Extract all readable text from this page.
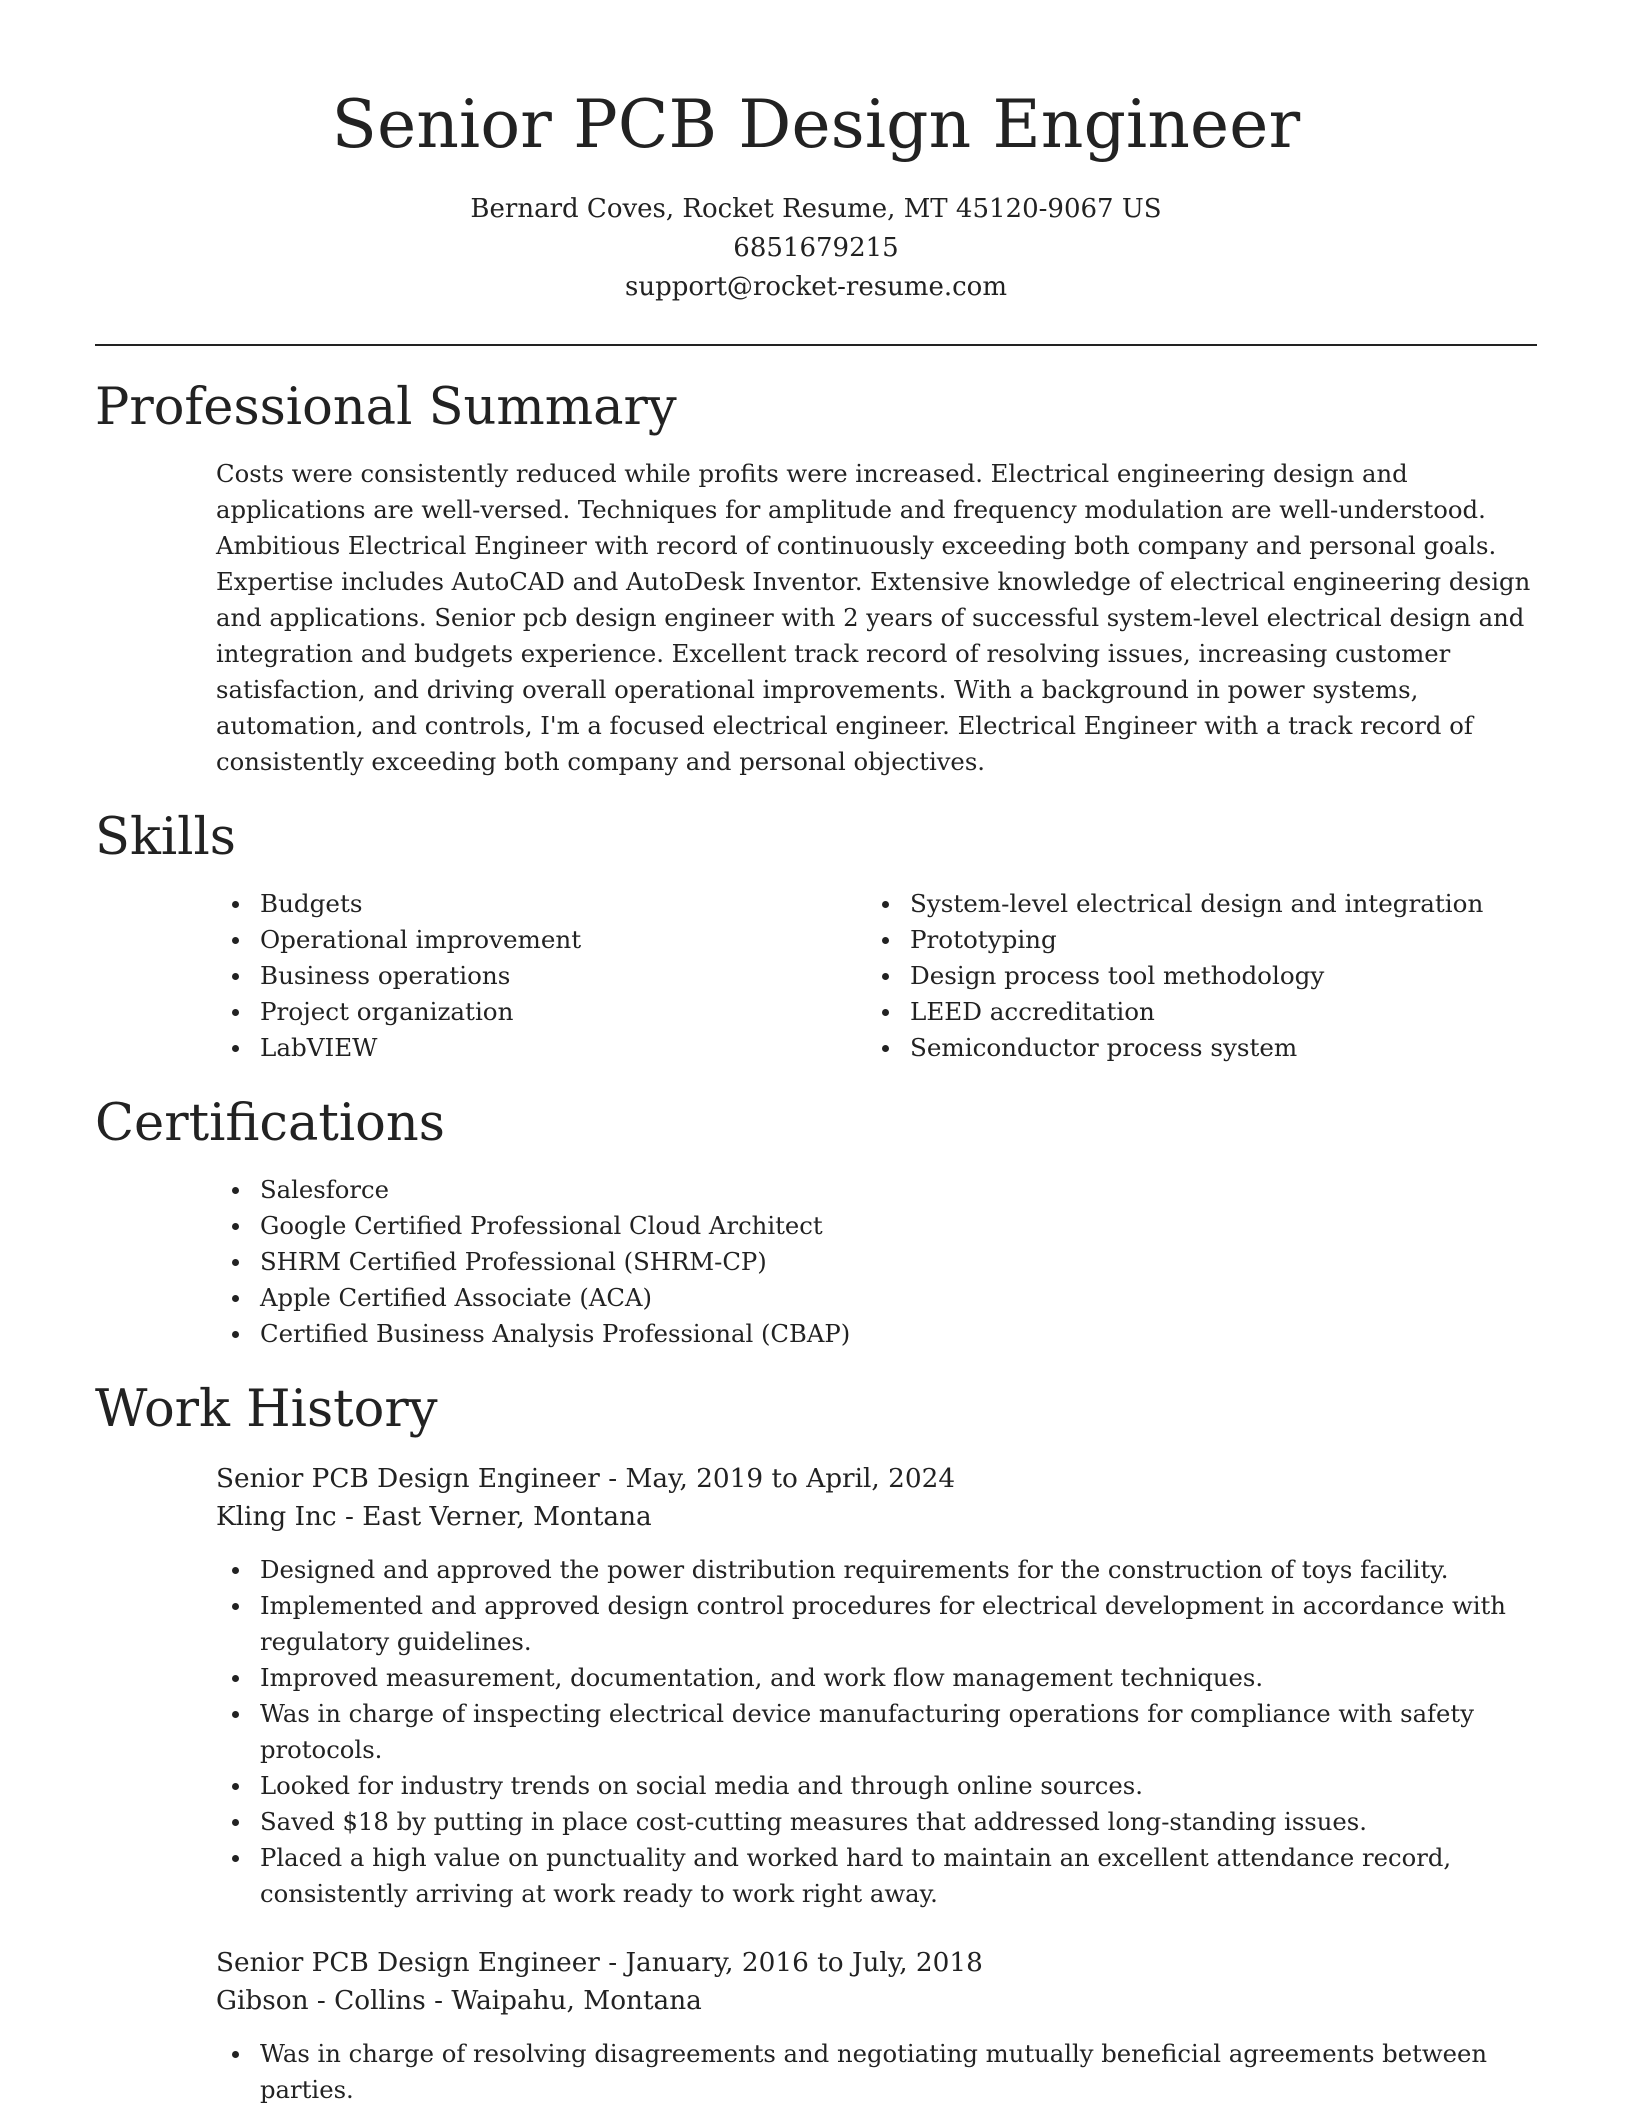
Senior PCB Design Engineer
Bernard Coves, Rocket Resume, MT 45120-9067 US
6851679215
support@rocket-resume.com
Professional Summary
Costs were consistently reduced while profits were increased. Electrical engineering design and applications are well-versed. Techniques for amplitude and frequency modulation are well-understood. Ambitious Electrical Engineer with record of continuously exceeding both company and personal goals. Expertise includes AutoCAD and AutoDesk Inventor. Extensive knowledge of electrical engineering design and applications. Senior pcb design engineer with 2 years of successful system-level electrical design and integration and budgets experience. Excellent track record of resolving issues, increasing customer satisfaction, and driving overall operational improvements. With a background in power systems, automation, and controls, I'm a focused electrical engineer. Electrical Engineer with a track record of consistently exceeding both company and personal objectives.
Skills
Budgets
Operational improvement
Business operations
Project organization
LabVIEW
System-level electrical design and integration
Prototyping
Design process tool methodology
LEED accreditation
Semiconductor process system
Certifications
Salesforce
Google Certified Professional Cloud Architect
SHRM Certified Professional (SHRM-CP)
Apple Certified Associate (ACA)
Certified Business Analysis Professional (CBAP)
Work History
Senior PCB Design Engineer - May, 2019 to April, 2024
Kling Inc - East Verner, Montana
Designed and approved the power distribution requirements for the construction of toys facility.
Implemented and approved design control procedures for electrical development in accordance with regulatory guidelines.
Improved measurement, documentation, and work flow management techniques.
Was in charge of inspecting electrical device manufacturing operations for compliance with safety protocols.
Looked for industry trends on social media and through online sources.
Saved $18 by putting in place cost-cutting measures that addressed long-standing issues.
Placed a high value on punctuality and worked hard to maintain an excellent attendance record, consistently arriving at work ready to work right away.
Senior PCB Design Engineer - January, 2016 to July, 2018
Gibson - Collins - Waipahu, Montana
Was in charge of resolving disagreements and negotiating mutually beneficial agreements between parties.
